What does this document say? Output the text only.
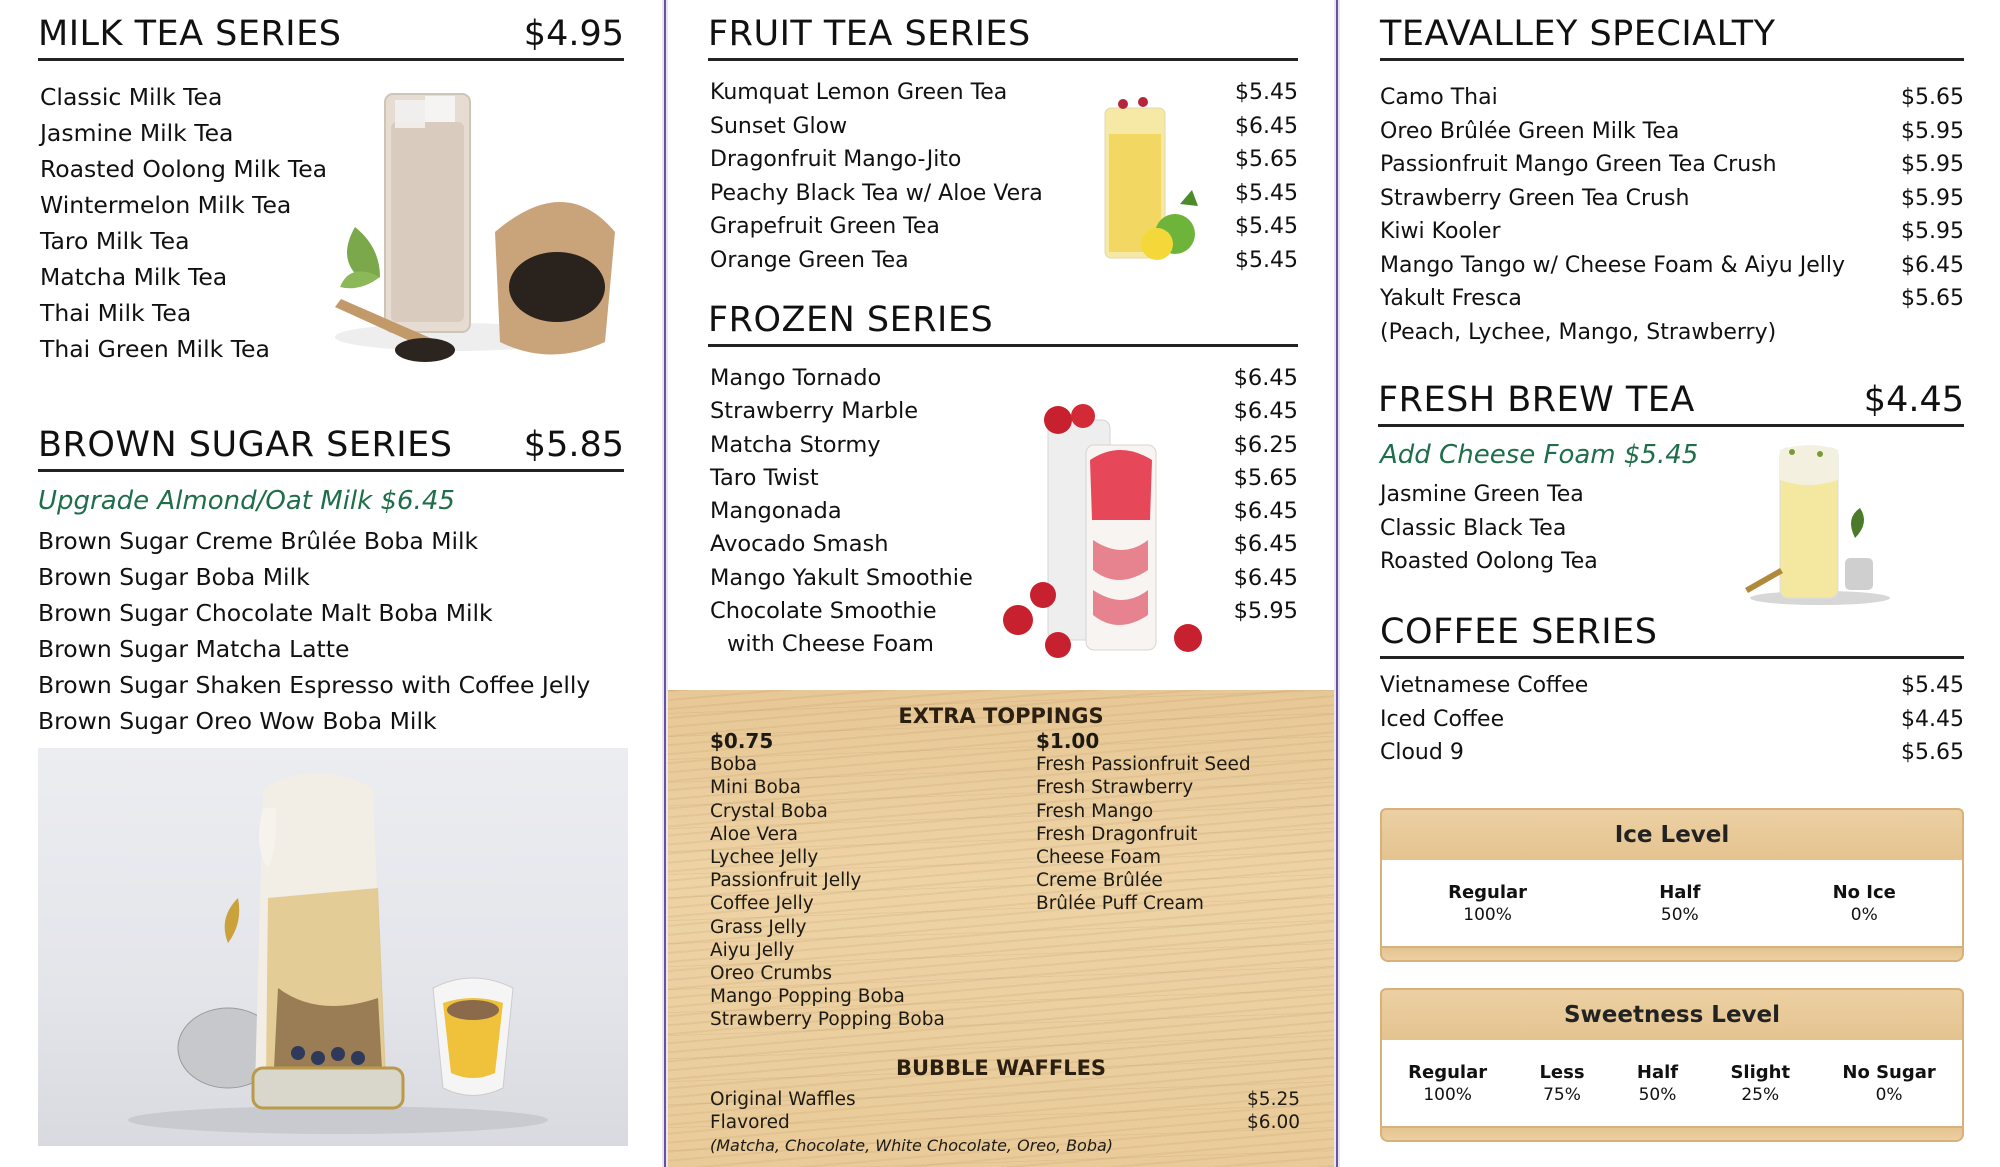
MILK TEA SERIES	$4.95
Classic Milk Tea
Jasmine Milk Tea
Roasted Oolong Milk Tea
Wintermelon Milk Tea
Taro Milk Tea
Matcha Milk Tea
Thai Milk Tea
Thai Green Milk Tea
BROWN SUGAR SERIES $5.85
Upgrade Almond/Oat Milk $6.45
Brown Sugar Creme Brûlée Boba Milk
Brown Sugar Boba Milk
Brown Sugar Chocolate Malt Boba Milk
Brown Sugar Matcha Latte
Brown Sugar Shaken Espresso with Coffee Jelly
Brown Sugar Oreo Wow Boba Milk
FRUIT TEA SERIES
Kumquat Lemon Green Tea	$5.45
Sunset Glow	$6.45
Dragonfruit Mango-Jito	$5.65
Peachy Black Tea w/ Aloe Vera	$5.45
Grapefruit Green Tea	$5.45
Orange Green Tea	$5.45
FROZEN SERIES
Mango Tornado	$6.45
Strawberry Marble	$6.45
Matcha Stormy	$6.25
Taro Twist	$5.65
Mangonada	$6.45
Avocado Smash	$6.45
Mango Yakult Smoothie	$6.45
Chocolate Smoothie	$5.95
with Cheese Foam
EXTRA TOPPINGS
$0.75
Boba
Mini Boba
Crystal Boba
Aloe Vera
Lychee Jelly
Passionfruit Jelly
Coffee Jelly
Grass Jelly
Aiyu Jelly
Oreo Crumbs
Mango Popping Boba
Strawberry Popping Boba
$1.00
Fresh Passionfruit Seed
Fresh Strawberry
Fresh Mango
Fresh Dragonfruit
Cheese Foam
Creme Brûlée
Brûlée Puff Cream
BUBBLE WAFFLES
Original Waffles	$5.25
Flavored	$6.00
(Matcha, Chocolate, White Chocolate, Oreo, Boba)
TEAVALLEY SPECIALTY
Camo Thai	$5.65
Oreo Brûlée Green Milk Tea	$5.95
Passionfruit Mango Green Tea Crush	$5.95
Strawberry Green Tea Crush	$5.95
Kiwi Kooler	$5.95
Mango Tango w/ Cheese Foam & Aiyu Jelly	$6.45
Yakult Fresca	$5.65
(Peach, Lychee, Mango, Strawberry)
FRESH BREW TEA	$4.45
Add Cheese Foam $5.45
Jasmine Green Tea
Classic Black Tea
Roasted Oolong Tea
COFFEE SERIES
Vietnamese Coffee	$5.45
Iced Coffee	$4.45
Cloud 9	$5.65
Ice Level
Regular
100%
Half
50%
No Ice
0%
Sweetness Level
Regular
100%
Less
75%
Half
50%
Slight
25%
No Sugar
0%
